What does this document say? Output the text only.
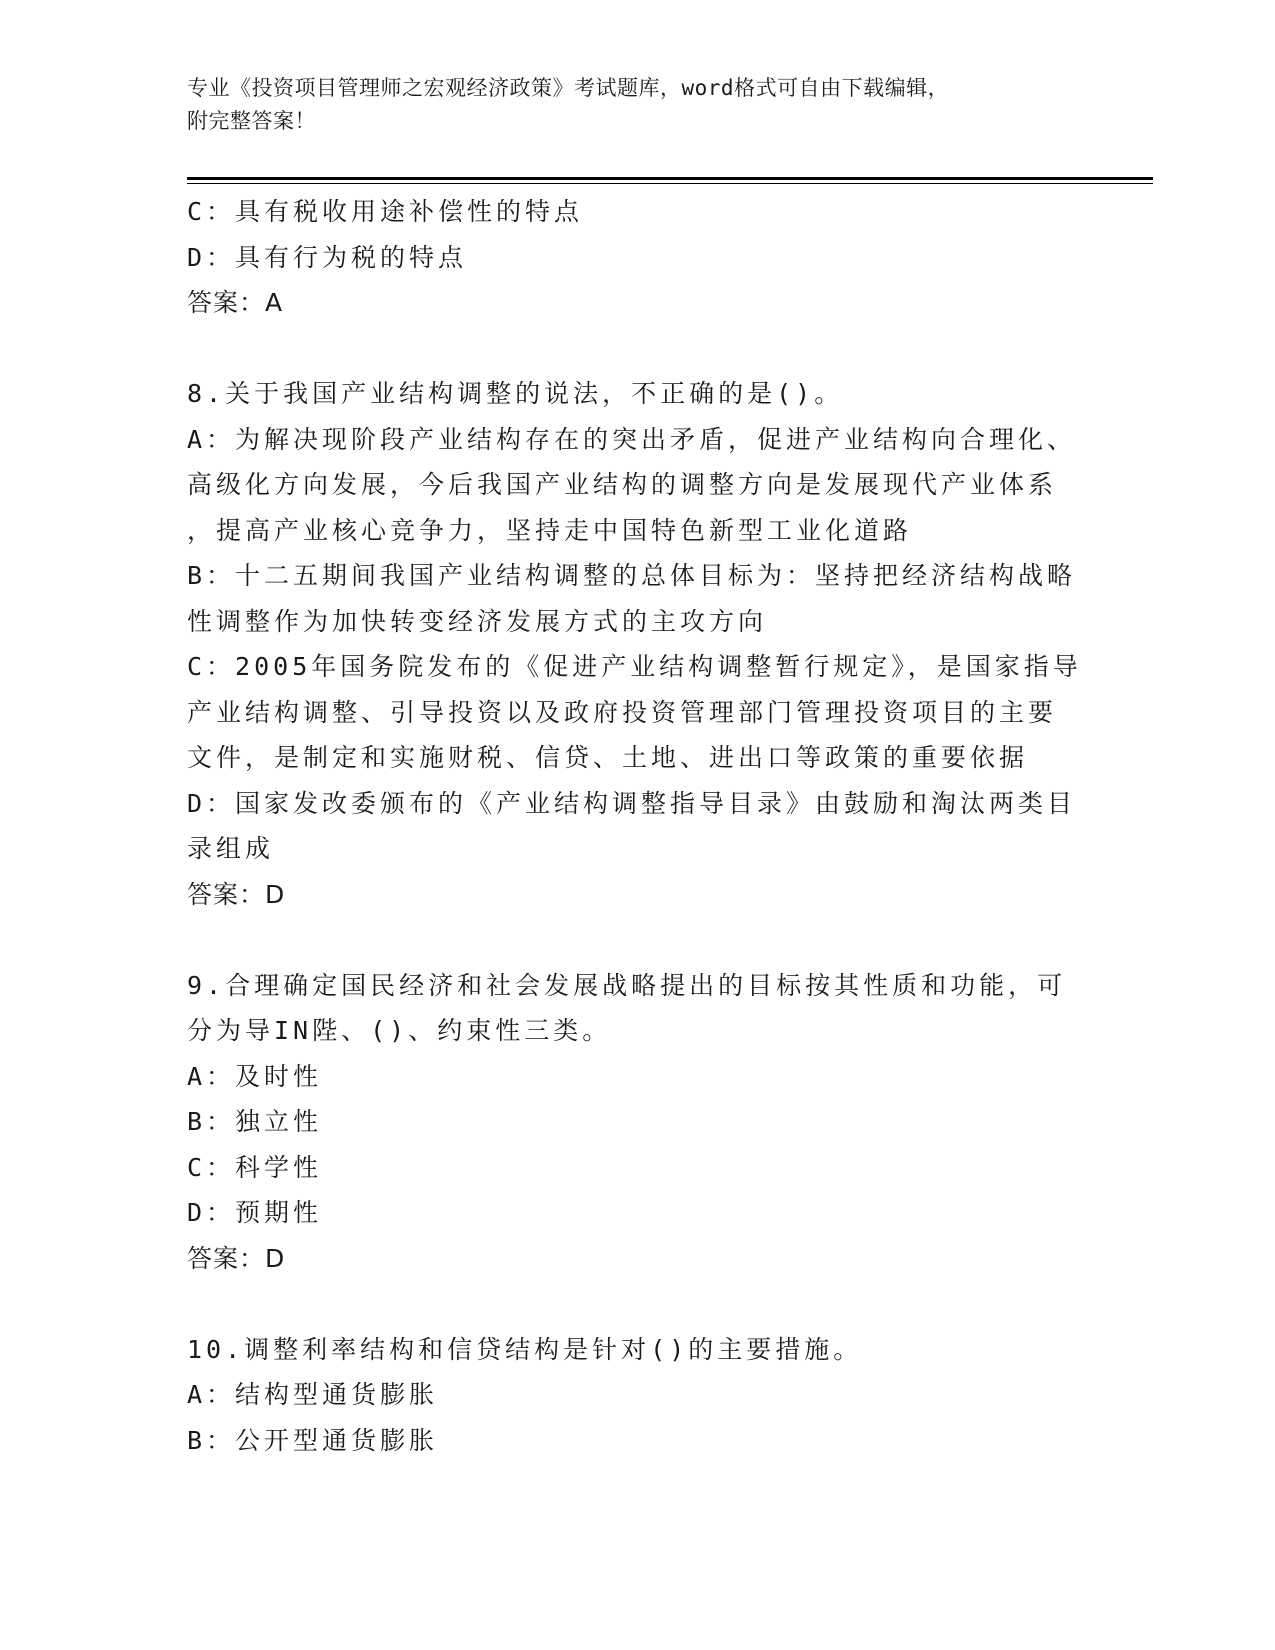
专业《投资项目管理师之宏观经济政策》考试题库，word格式可自由下载编辑，
附完整答案！
C：具有税收用途补偿性的特点
D：具有行为税的特点
答案：A
8.关于我国产业结构调整的说法，不正确的是()。
A：为解决现阶段产业结构存在的突出矛盾，促进产业结构向合理化、
高级化方向发展，今后我国产业结构的调整方向是发展现代产业体系
，提高产业核心竞争力，坚持走中国特色新型工业化道路
B：十二五期间我国产业结构调整的总体目标为：坚持把经济结构战略
性调整作为加快转变经济发展方式的主攻方向
C：2005年国务院发布的《促进产业结构调整暂行规定》，是国家指导
产业结构调整、引导投资以及政府投资管理部门管理投资项目的主要
文件，是制定和实施财税、信贷、土地、进出口等政策的重要依据
D：国家发改委颁布的《产业结构调整指导目录》由鼓励和淘汰两类目
录组成
答案：D
9.合理确定国民经济和社会发展战略提出的目标按其性质和功能，可
分为导IN陛、()、约束性三类。
A：及时性
B：独立性
C：科学性
D：预期性
答案：D
10.调整利率结构和信贷结构是针对()的主要措施。
A：结构型通货膨胀
B：公开型通货膨胀
